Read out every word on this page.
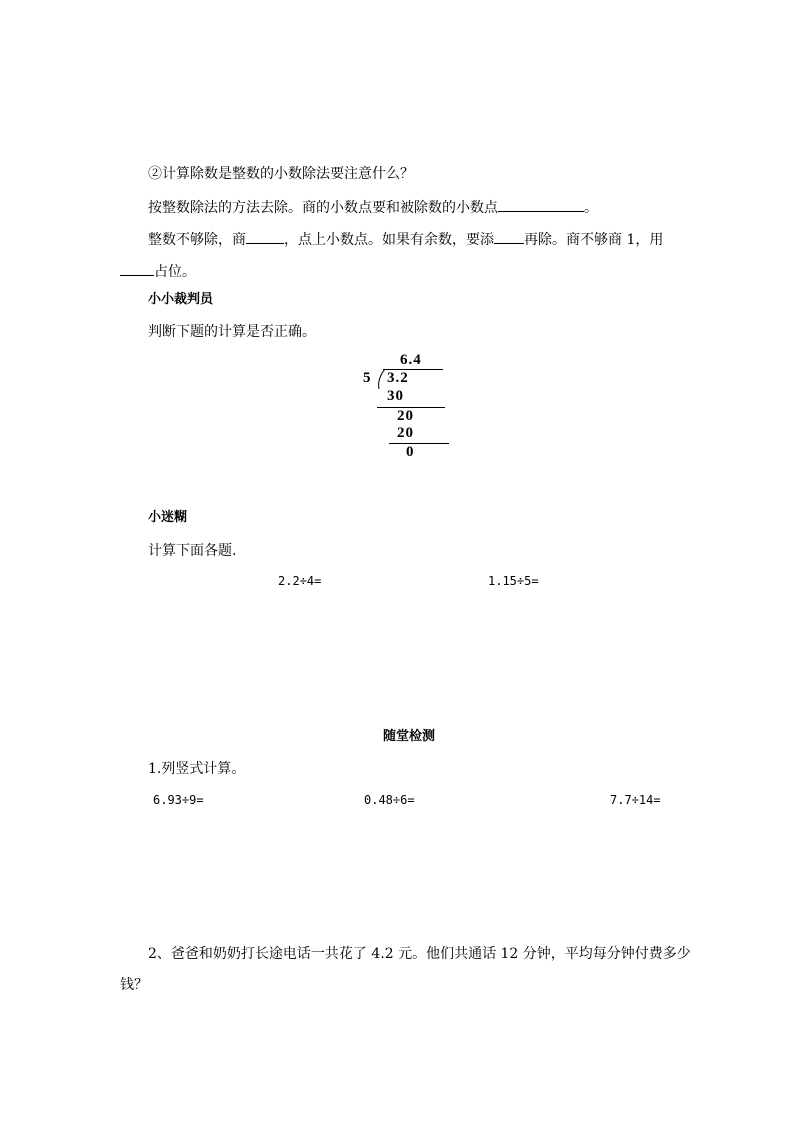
②计算除数是整数的小数除法要注意什么？
按整数除法的方法去除。商的小数点要和被除数的小数点	。
整数不够除，商	，点上小数点。如果有余数，要添 再除。商不够商 1，用
占位。
小小裁判员
判断下题的计算是否正确。
6.4
5 3.2
30
20
20
0
小迷糊
计算下面各题.
2.2÷4=	1.15÷5=
随堂检测
1.列竖式计算。
6.93÷9=	0.48÷6=	7.7÷14=
2、爸爸和奶奶打长途电话一共花了 4.2 元。他们共通话 12 分钟，平均每分钟付费多少
钱？
